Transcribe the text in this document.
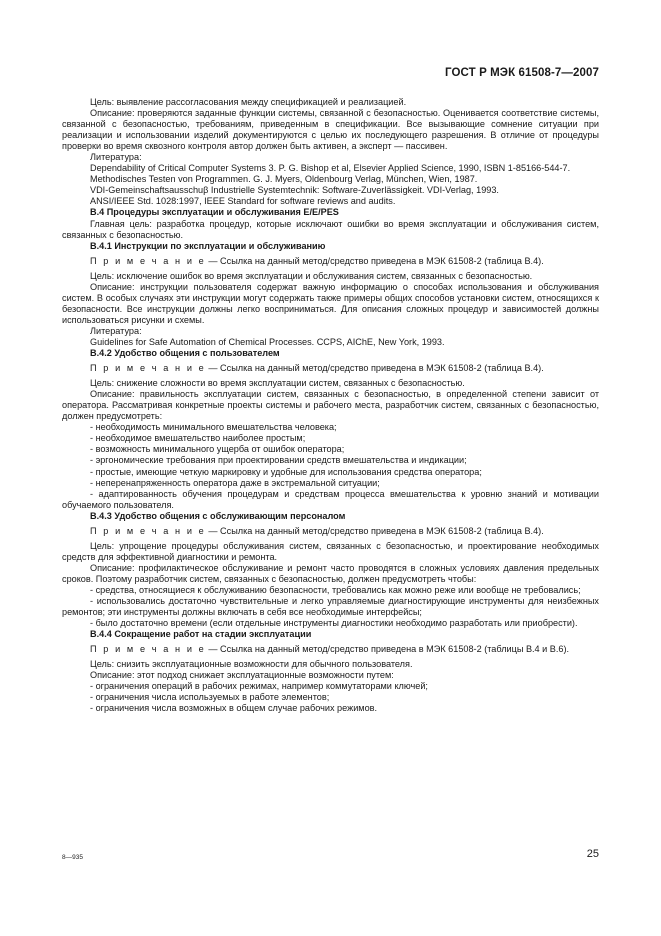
ГОСТ Р МЭК 61508-7—2007

Цель: выявление рассогласования между спецификацией и реализацией.

Описание: проверяются заданные функции системы, связанной с безопасностью. Оценивается соответствие системы, связанной с безопасностью, требованиям, приведенным в спецификации. Все вызывающие сомнение ситуации при реализации и использовании изделий документируются с целью их последующего разрешения. В отличие от процедуры проверки во время сквозного контроля автор должен быть активен, а эксперт — пассивен.

Литература:

Dependability of Critical Computer Systems 3. P. G. Bishop et al, Elsevier Applied Science, 1990, ISBN 1-85166-544-7.

Methodisches Testen von Programmen. G. J. Myers, Oldenbourg Verlag, München, Wien, 1987.

VDI-Gemeinschaftsausschuβ Industrielle Systemtechnik: Software-Zuverlässigkeit. VDI-Verlag, 1993.

ANSI/IEEE Std. 1028:1997, IEEE Standard for software reviews and audits.

B.4 Процедуры эксплуатации и обслуживания E/E/PES

Главная цель: разработка процедур, которые исключают ошибки во время эксплуатации и обслуживания систем, связанных с безопасностью.

B.4.1 Инструкции по эксплуатации и обслуживанию

П р и м е ч а н и е — Ссылка на данный метод/средство приведена в МЭК 61508-2 (таблица B.4).

Цель: исключение ошибок во время эксплуатации и обслуживания систем, связанных с безопасностью.

Описание: инструкции пользователя содержат важную информацию о способах использования и обслуживания систем. В особых случаях эти инструкции могут содержать также примеры общих способов установки систем, относящихся к безопасности. Все инструкции должны легко восприниматься. Для описания сложных процедур и зависимостей должны использоваться рисунки и схемы.

Литература:

Guidelines for Safe Automation of Chemical Processes. CCPS, AIChE, New York, 1993.

B.4.2 Удобство общения с пользователем

П р и м е ч а н и е — Ссылка на данный метод/средство приведена в МЭК 61508-2 (таблица B.4).

Цель: снижение сложности во время эксплуатации систем, связанных с безопасностью.

Описание: правильность эксплуатации систем, связанных с безопасностью, в определенной степени зависит от оператора. Рассматривая конкретные проекты системы и рабочего места, разработчик систем, связанных с безопасностью, должен предусмотреть:

- необходимость минимального вмешательства человека;

- необходимое вмешательство наиболее простым;

- возможность минимального ущерба от ошибок оператора;

- эргономические требования при проектировании средств вмешательства и индикации;

- простые, имеющие четкую маркировку и удобные для использования средства оператора;

- неперенапряженность оператора даже в экстремальной ситуации;

- адаптированность обучения процедурам и средствам процесса вмешательства к уровню знаний и мотивации обучаемого пользователя.

B.4.3 Удобство общения с обслуживающим персоналом

П р и м е ч а н и е — Ссылка на данный метод/средство приведена в МЭК 61508-2 (таблица B.4).

Цель: упрощение процедуры обслуживания систем, связанных с безопасностью, и проектирование необходимых средств для эффективной диагностики и ремонта.

Описание: профилактическое обслуживание и ремонт часто проводятся в сложных условиях давления предельных сроков. Поэтому разработчик систем, связанных с безопасностью, должен предусмотреть чтобы:

- средства, относящиеся к обслуживанию безопасности, требовались как можно реже или вообще не требовались;

- использовались достаточно чувствительные и легко управляемые диагностирующие инструменты для неизбежных ремонтов; эти инструменты должны включать в себя все необходимые интерфейсы;

- было достаточно времени (если отдельные инструменты диагностики необходимо разработать или приобрести).

B.4.4 Сокращение работ на стадии эксплуатации

П р и м е ч а н и е — Ссылка на данный метод/средство приведена в МЭК 61508-2 (таблицы B.4 и B.6).

Цель: снизить эксплуатационные возможности для обычного пользователя.

Описание: этот подход снижает эксплуатационные возможности путем:

- ограничения операций в рабочих режимах, например коммутаторами ключей;

- ограничения числа используемых в работе элементов;

- ограничения числа возможных в общем случае рабочих режимов.

8—935	25
